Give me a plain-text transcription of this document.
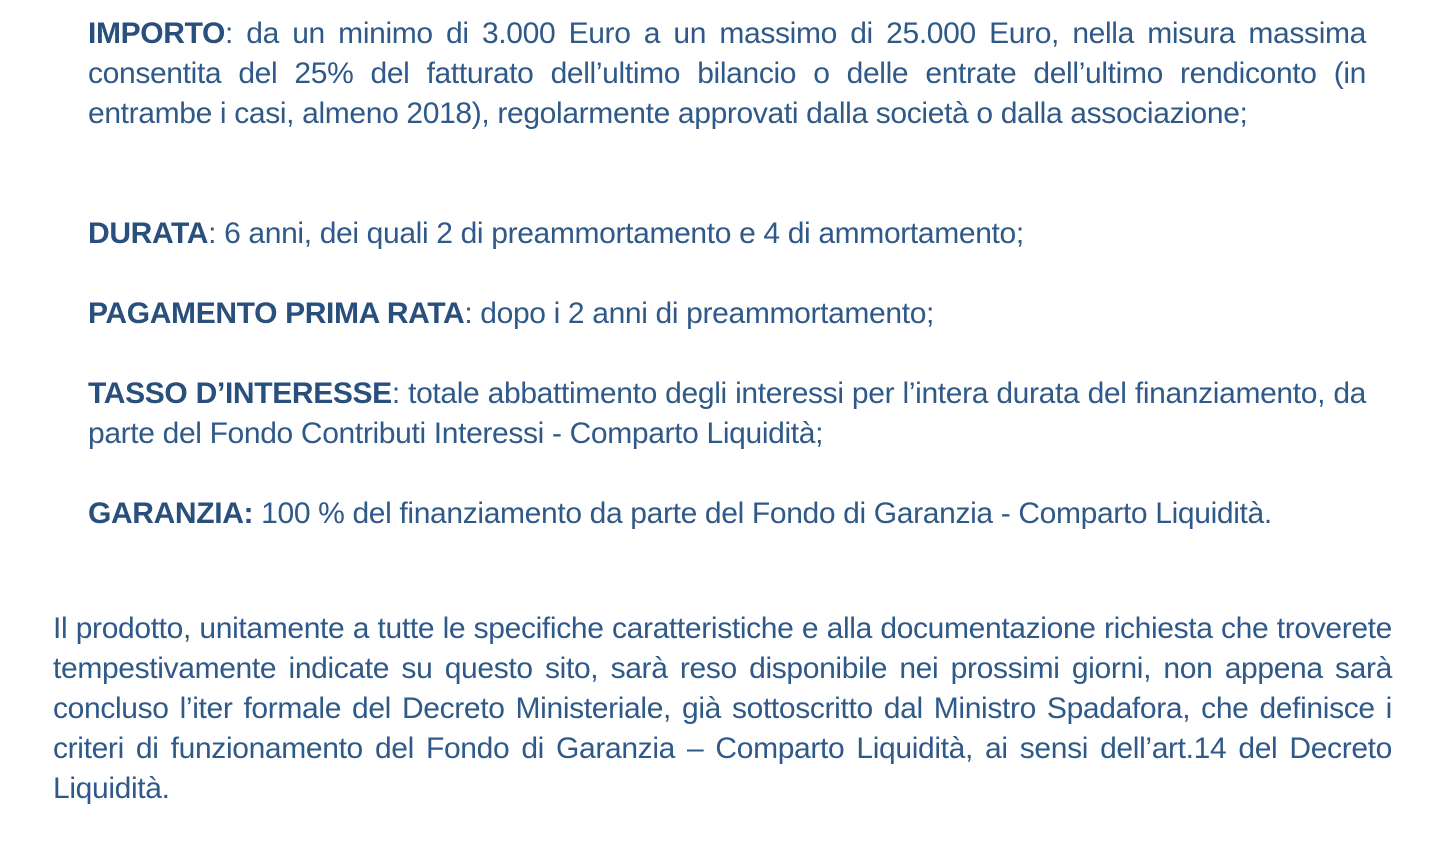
IMPORTO: da un minimo di 3.000 Euro a un massimo di 25.000 Euro, nella misura massima consentita del 25% del fatturato dell’ultimo bilancio o delle entrate dell’ultimo rendiconto (in entrambe i casi, almeno 2018), regolarmente approvati dalla società o dalla associazione;

DURATA: 6 anni, dei quali 2 di preammortamento e 4 di ammortamento;

PAGAMENTO PRIMA RATA: dopo i 2 anni di preammortamento;

TASSO D’INTERESSE: totale abbattimento degli interessi per l’intera durata del finanziamento, da parte del Fondo Contributi Interessi - Comparto Liquidità;

GARANZIA: 100 % del finanziamento da parte del Fondo di Garanzia - Comparto Liquidità.

Il prodotto, unitamente a tutte le specifiche caratteristiche e alla documentazione richiesta che troverete tempestivamente indicate su questo sito, sarà reso disponibile nei prossimi giorni, non appena sarà concluso l’iter formale del Decreto Ministeriale, già sottoscritto dal Ministro Spadafora, che definisce i criteri di funzionamento del Fondo di Garanzia – Comparto Liquidità, ai sensi dell’art.14 del Decreto Liquidità.
